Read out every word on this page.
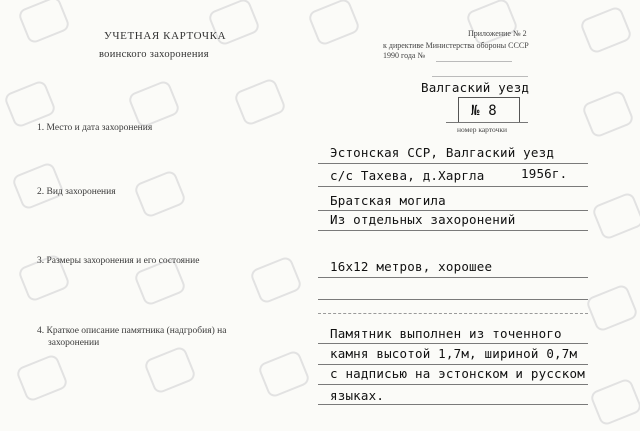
УЧЕТНАЯ КАРТОЧКА
воинского захоронения
Приложение № 2
к директиве Министерства обороны СССР
1990 года №
Валгаский уезд
№ 8
номер карточки
1. Место и дата захоронения
Эстонская ССР, Валгаский уезд
с/с Тахева, д.Харгла	1956г.
2. Вид захоронения
Братская могила
Из отдельных захоронений
3. Размеры захоронения и его состояние	16x12 метров, хорошее
4. Краткое описание памятника (надгробия) на
захоронении
Памятник выполнен из точенного
камня высотой 1,7м, шириной 0,7м
с надписью на эстонском и русском
языках.
